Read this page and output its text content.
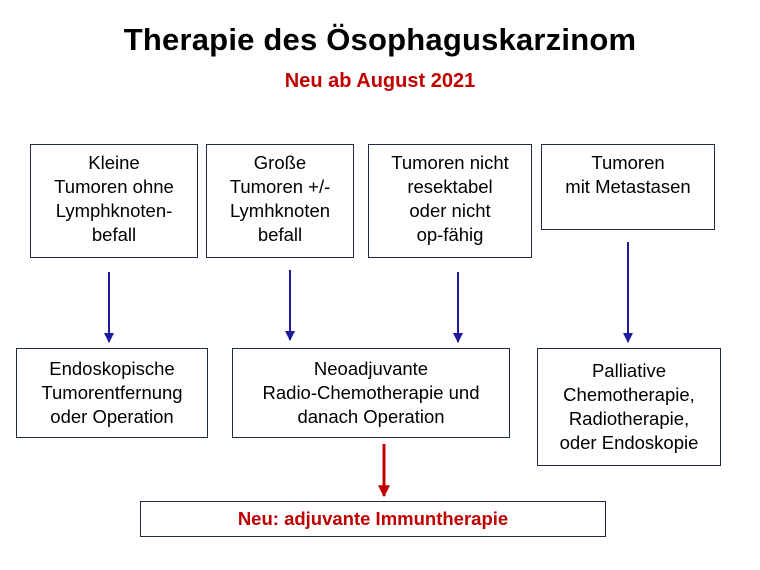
Therapie des Ösophaguskarzinom
Neu ab August 2021
Kleine
Tumoren ohne
Lymphknoten-
befall
Große
Tumoren +/-
Lymhknoten
befall
Tumoren nicht
resektabel
oder nicht
op-fähig
Tumoren
mit Metastasen
Endoskopische
Tumorentfernung
oder Operation
Neoadjuvante
Radio-Chemotherapie und
danach Operation
Palliative
Chemotherapie,
Radiotherapie,
oder Endoskopie
Neu: adjuvante Immuntherapie
